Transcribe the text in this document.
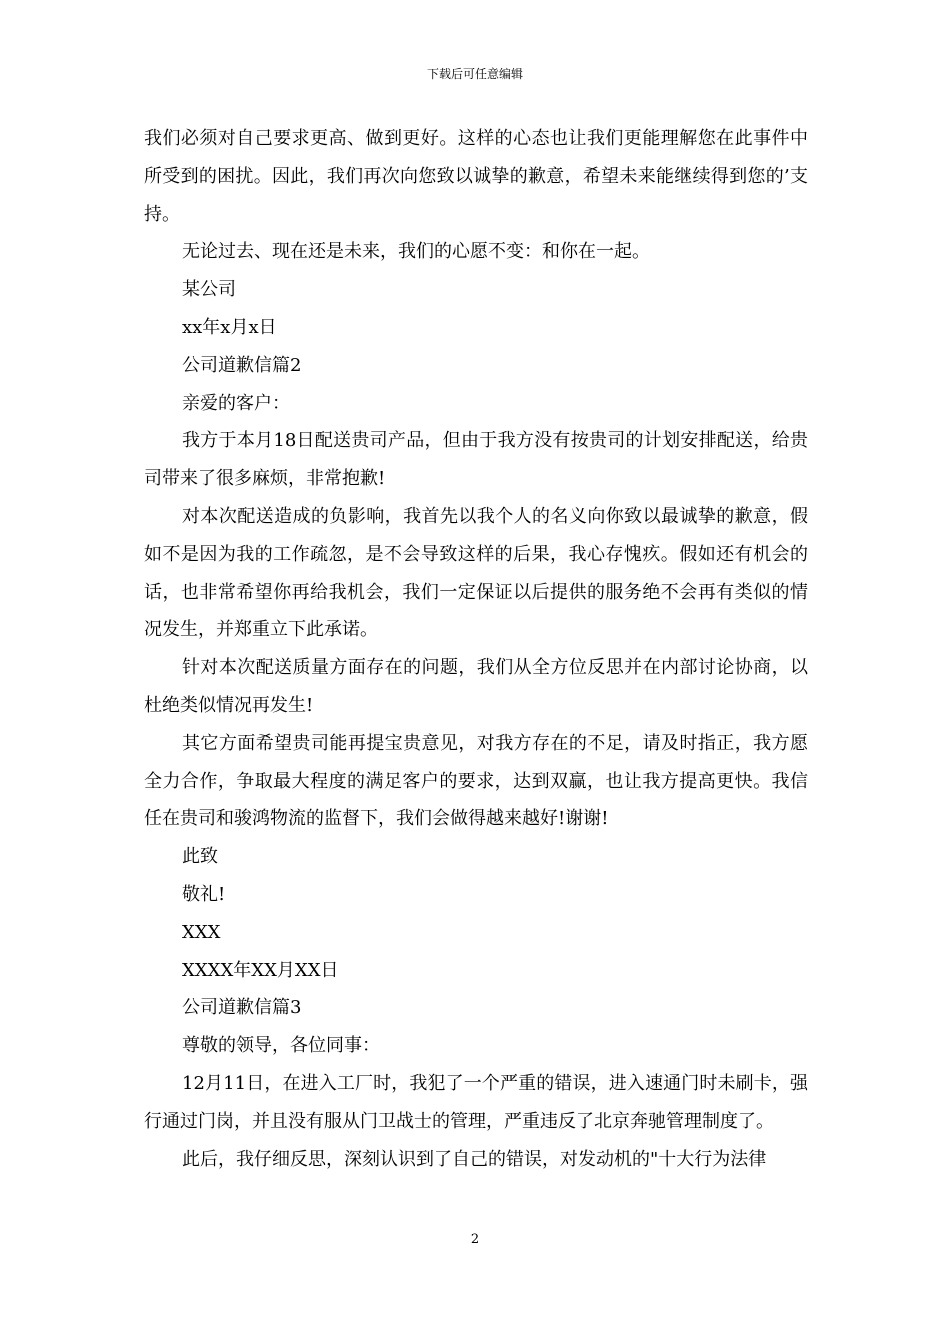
下载后可任意编辑

我们必须对自己要求更高、做到更好。这样的心态也让我们更能理解您在此事件中所受到的困扰。因此，我们再次向您致以诚挚的歉意，希望未来能继续得到您的’支持。

无论过去、现在还是未来，我们的心愿不变：和你在一起。

某公司

xx年x月x日

公司道歉信篇2

亲爱的客户：

我方于本月18日配送贵司产品，但由于我方没有按贵司的计划安排配送，给贵司带来了很多麻烦，非常抱歉!

对本次配送造成的负影响，我首先以我个人的名义向你致以最诚挚的歉意，假如不是因为我的工作疏忽，是不会导致这样的后果，我心存愧疚。假如还有机会的话，也非常希望你再给我机会，我们一定保证以后提供的服务绝不会再有类似的情况发生，并郑重立下此承诺。

针对本次配送质量方面存在的问题，我们从全方位反思并在内部讨论协商，以杜绝类似情况再发生!

其它方面希望贵司能再提宝贵意见，对我方存在的不足，请及时指正，我方愿全力合作，争取最大程度的满足客户的要求，达到双赢，也让我方提高更快。我信任在贵司和骏鸿物流的监督下，我们会做得越来越好!谢谢!

此致

敬礼!

XXX

XXXX年XX月XX日

公司道歉信篇3

尊敬的领导，各位同事：

12月11日，在进入工厂时，我犯了一个严重的错误，进入速通门时未刷卡，强行通过门岗，并且没有服从门卫战士的管理，严重违反了北京奔驰管理制度了。

此后，我仔细反思，深刻认识到了自己的错误，对发动机的"十大行为法律

2
